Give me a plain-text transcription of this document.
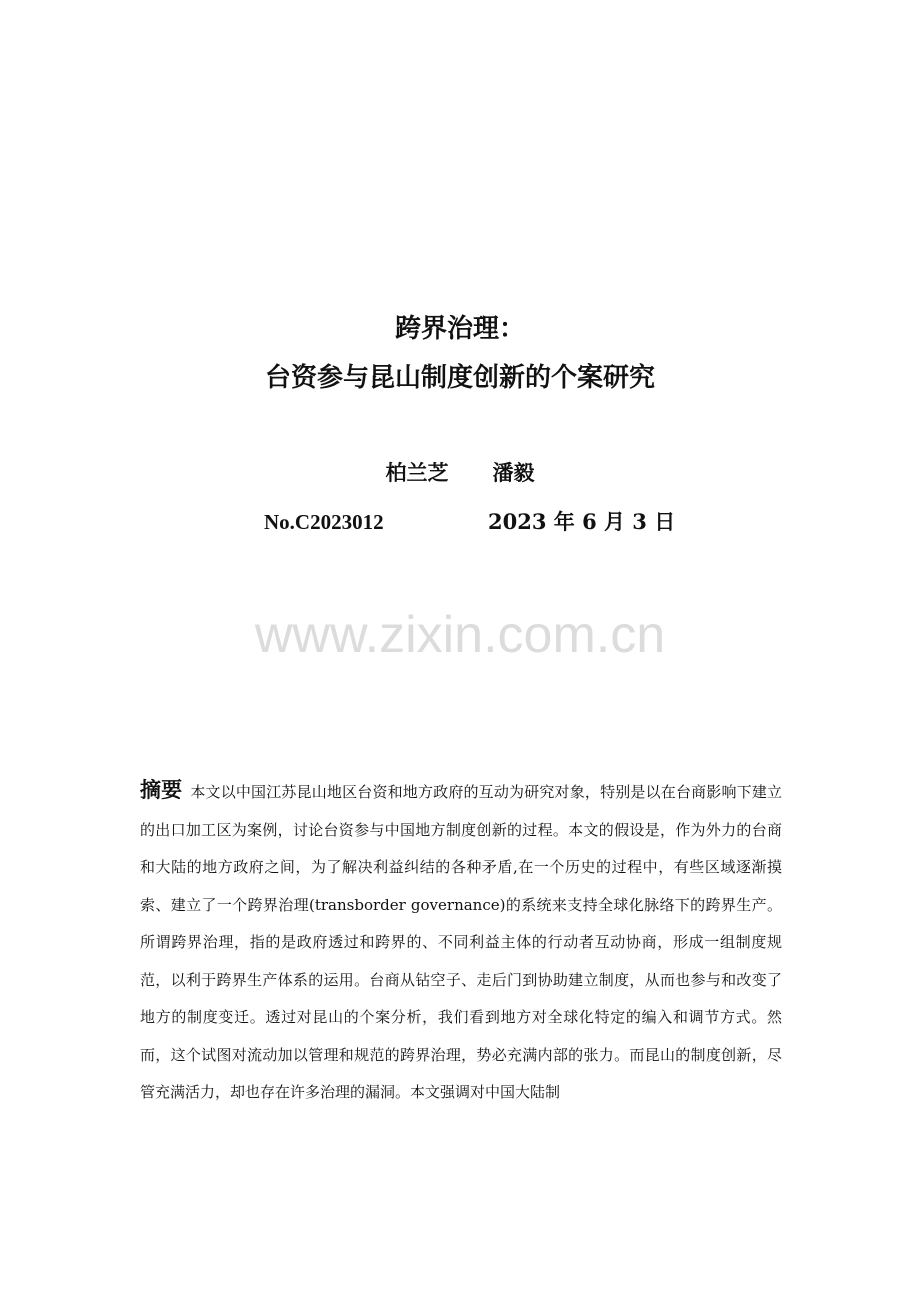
跨界治理：
台资参与昆山制度创新的个案研究
柏兰芝 潘毅
No.C2023012	2023 年 6 月 3 日
www.zixin.com.cn
摘要 本文以中国江苏昆山地区台资和地方政府的互动为研究对象，特别是以在台商影响下建立的出口加工区为案例，讨论台资参与中国地方制度创新的过程。本文的假设是，作为外力的台商和大陆的地方政府之间，为了解决利益纠结的各种矛盾,在一个历史的过程中，有些区域逐渐摸索、建立了一个跨界治理(transborder governance)的系统来支持全球化脉络下的跨界生产。所谓跨界治理，指的是政府透过和跨界的、不同利益主体的行动者互动协商，形成一组制度规范，以利于跨界生产体系的运用。台商从钻空子、走后门到协助建立制度，从而也参与和改变了地方的制度变迁。透过对昆山的个案分析，我们看到地方对全球化特定的编入和调节方式。然而，这个试图对流动加以管理和规范的跨界治理，势必充满内部的张力。而昆山的制度创新，尽管充满活力，却也存在许多治理的漏洞。本文强调对中国大陆制
